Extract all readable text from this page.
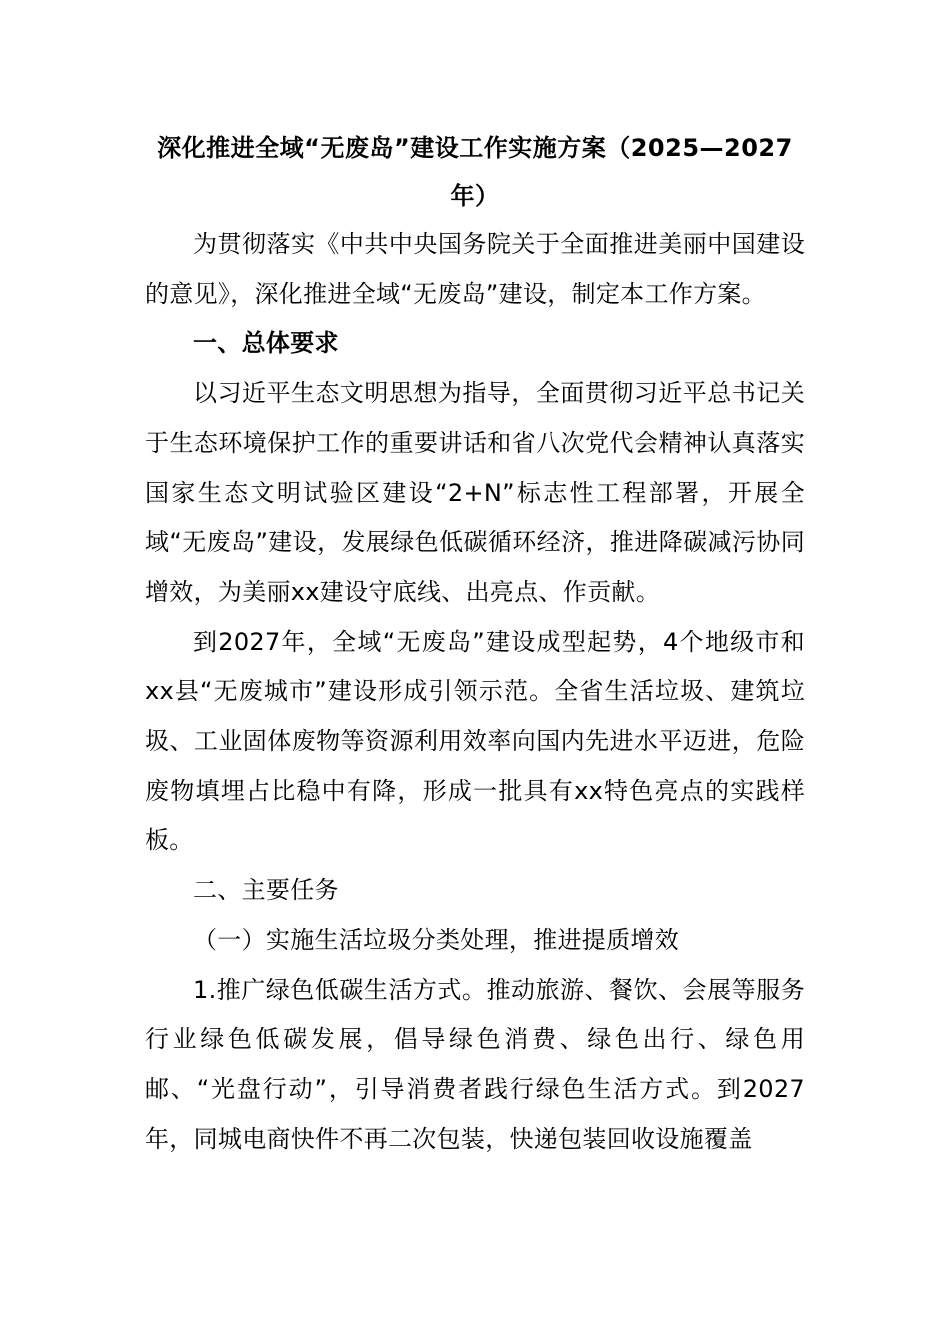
深化推进全域“无废岛”建设工作实施方案（2025—2027年）

为贯彻落实《中共中央国务院关于全面推进美丽中国建设的意见》，深化推进全域“无废岛”建设，制定本工作方案。

一、总体要求

以习近平生态文明思想为指导，全面贯彻习近平总书记关于生态环境保护工作的重要讲话和省八次党代会精神认真落实国家生态文明试验区建设“2+N”标志性工程部署，开展全域“无废岛”建设，发展绿色低碳循环经济，推进降碳减污协同增效，为美丽xx建设守底线、出亮点、作贡献。

到2027年，全域“无废岛”建设成型起势，4个地级市和xx县“无废城市”建设形成引领示范。全省生活垃圾、建筑垃圾、工业固体废物等资源利用效率向国内先进水平迈进，危险废物填埋占比稳中有降，形成一批具有xx特色亮点的实践样板。

二、主要任务

（一）实施生活垃圾分类处理，推进提质增效

1.推广绿色低碳生活方式。推动旅游、餐饮、会展等服务行业绿色低碳发展，倡导绿色消费、绿色出行、绿色用邮、“光盘行动”，引导消费者践行绿色生活方式。到2027年，同城电商快件不再二次包装，快递包装回收设施覆盖
